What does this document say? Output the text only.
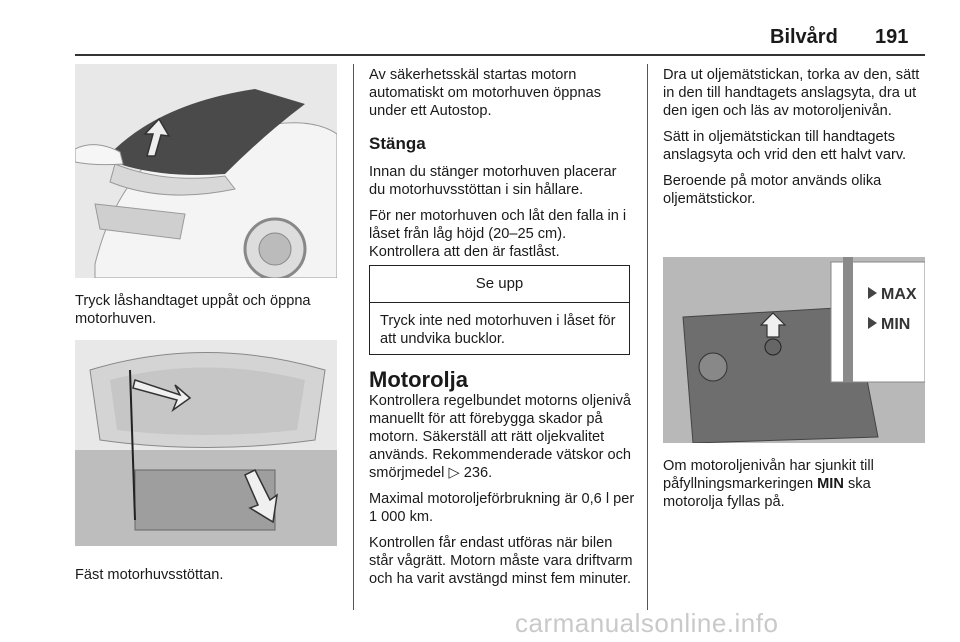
Bilvård 191
Tryck låshandtaget uppåt och öppna motorhuven.
Fäst motorhuvsstöttan.

Av säkerhetsskäl startas motorn automatiskt om motorhuven öppnas under ett Autostop.

Stänga

Innan du stänger motorhuven placerar du motorhuvsstöttan i sin hållare.

För ner motorhuven och låt den falla in i låset från låg höjd (20–25 cm). Kontrollera att den är fastlåst.

Se upp
Tryck inte ned motorhuven i låset för att undvika bucklor.
Motorolja

Kontrollera regelbundet motorns oljenivå manuellt för att förebygga skador på motorn. Säkerställ att rätt oljekvalitet används. Rekommenderade vätskor och smörjmedel ▷ 236.

Maximal motoroljeförbrukning är 0,6 l per 1 000 km.

Kontrollen får endast utföras när bilen står vågrätt. Motorn måste vara driftvarm och ha varit avstängd minst fem minuter.

Dra ut oljemätstickan, torka av den, sätt in den till handtagets anslagsyta, dra ut den igen och läs av motoroljenivån.

Sätt in oljemätstickan till handtagets anslagsyta och vrid den ett halvt varv.

Beroende på motor används olika oljemätstickor.

MAX
MIN

Om motoroljenivån har sjunkit till påfyllningsmarkeringen MIN ska motorolja fyllas på.

carmanualsonline.info
